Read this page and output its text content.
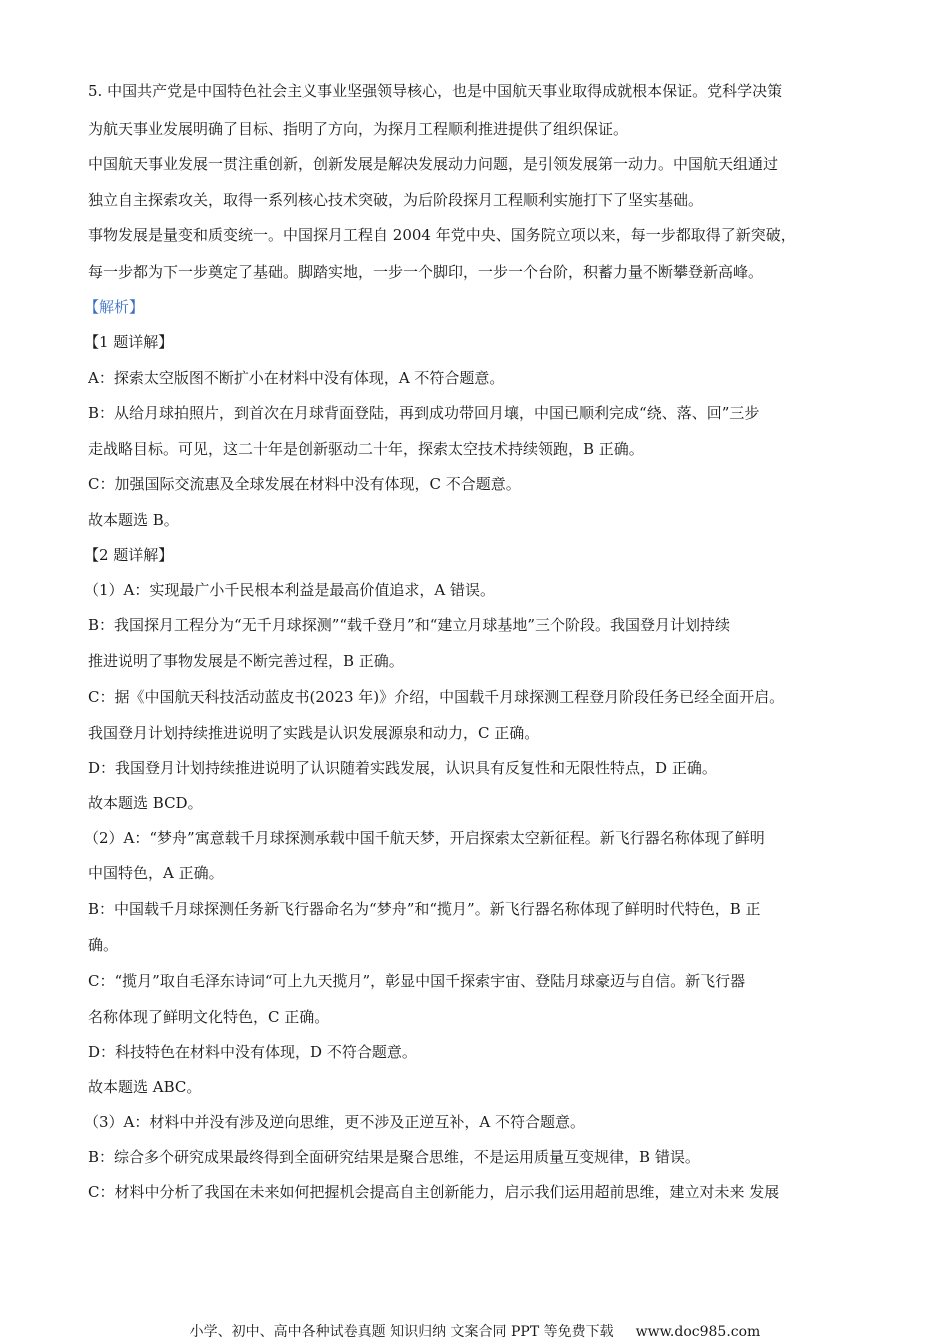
5. 中国共产党是中国特色社会主义事业坚强领导核心，也是中国航天事业取得成就根本保证。党科学决策
为航天事业发展明确了目标、指明了方向，为探月工程顺利推进提供了组织保证。
中国航天事业发展一贯注重创新，创新发展是解决发展动力问题，是引领发展第一动力。中国航天组通过
独立自主探索攻关，取得一系列核心技术突破，为后阶段探月工程顺利实施打下了坚实基础。
事物发展是量变和质变统一。中国探月工程自 2004 年党中央、国务院立项以来，每一步都取得了新突破，
每一步都为下一步奠定了基础。脚踏实地，一步一个脚印，一步一个台阶，积蓄力量不断攀登新高峰。
【解析】
【1 题详解】
A：探索太空版图不断扩小在材料中没有体现，A 不符合题意。
B：从给月球拍照片，到首次在月球背面登陆，再到成功带回月壤，中国已顺利完成“绕、落、回”三步
走战略目标。可见，这二十年是创新驱动二十年，探索太空技术持续领跑，B 正确。
C：加强国际交流惠及全球发展在材料中没有体现，C 不合题意。
故本题选 B。
【2 题详解】
（1）A：实现最广小千民根本利益是最高价值追求，A 错误。
B：我国探月工程分为“无千月球探测”“载千登月”和“建立月球基地”三个阶段。我国登月计划持续
推进说明了事物发展是不断完善过程，B 正确。
C：据《中国航天科技活动蓝皮书(2023 年)》介绍，中国载千月球探测工程登月阶段任务已经全面开启。
我国登月计划持续推进说明了实践是认识发展源泉和动力，C 正确。
D：我国登月计划持续推进说明了认识随着实践发展，认识具有反复性和无限性特点，D 正确。
故本题选 BCD。
（2）A：“梦舟”寓意载千月球探测承载中国千航天梦，开启探索太空新征程。新飞行器名称体现了鲜明
中国特色，A 正确。
B：中国载千月球探测任务新飞行器命名为“梦舟”和“揽月”。新飞行器名称体现了鲜明时代特色，B 正
确。
C：“揽月”取自毛泽东诗词“可上九天揽月”，彰显中国千探索宇宙、登陆月球豪迈与自信。新飞行器
名称体现了鲜明文化特色，C 正确。
D：科技特色在材料中没有体现，D 不符合题意。
故本题选 ABC。
（3）A：材料中并没有涉及逆向思维，更不涉及正逆互补，A 不符合题意。
B：综合多个研究成果最终得到全面研究结果是聚合思维，不是运用质量互变规律，B 错误。
C：材料中分析了我国在未来如何把握机会提高自主创新能力，启示我们运用超前思维，建立对未来 发展
小学、初中、高中各种试卷真题 知识归纳 文案合同 PPT 等免费下载 www.doc985.com
